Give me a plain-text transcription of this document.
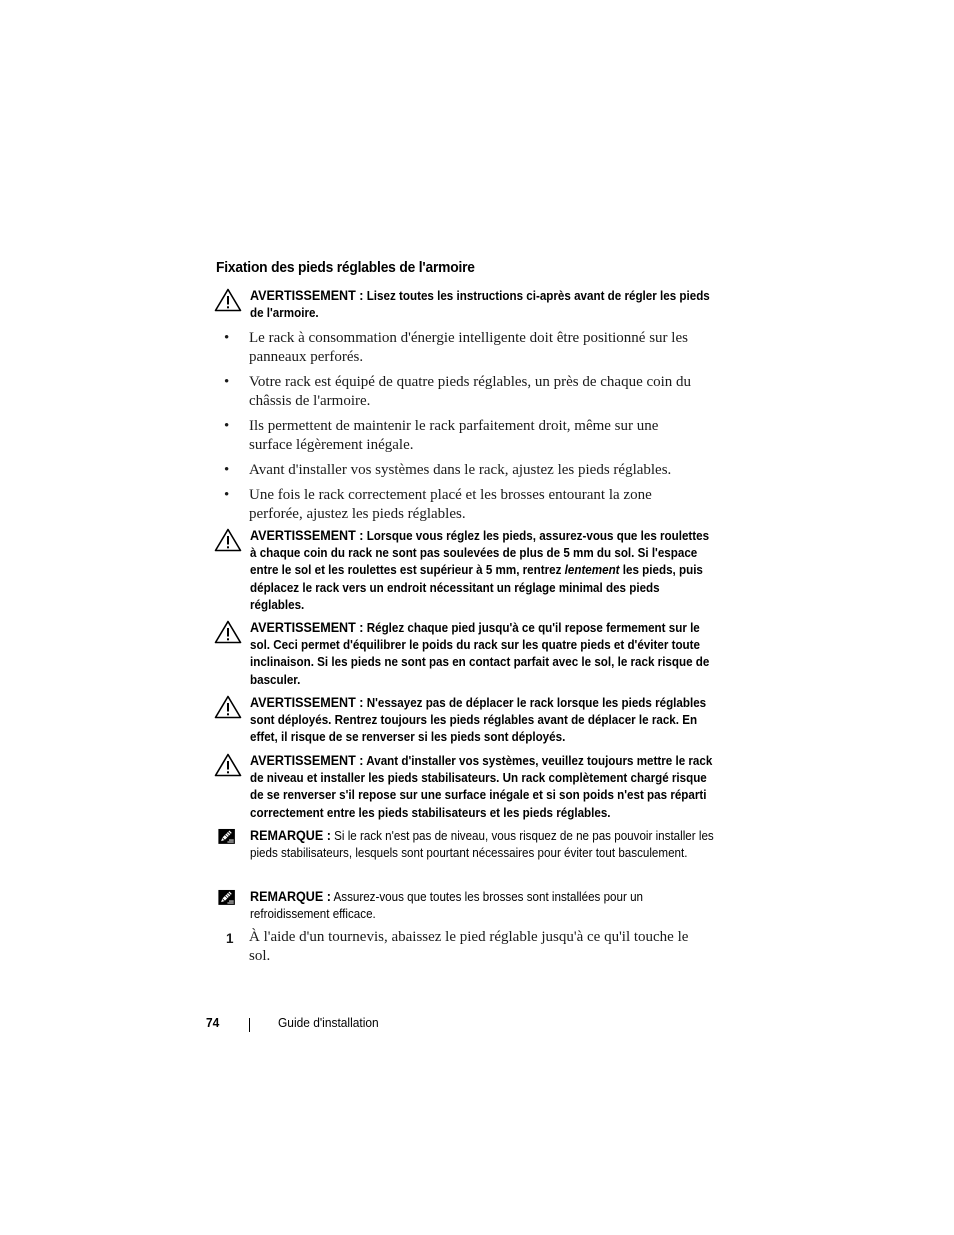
Fixation des pieds réglables de l'armoire
AVERTISSEMENT : Lisez toutes les instructions ci-après avant de régler les pieds de l'armoire.
• Le rack à consommation d'énergie intelligente doit être positionné sur les panneaux perforés.
• Votre rack est équipé de quatre pieds réglables, un près de chaque coin du châssis de l'armoire.
• Ils permettent de maintenir le rack parfaitement droit, même sur une surface légèrement inégale.
• Avant d'installer vos systèmes dans le rack, ajustez les pieds réglables.
• Une fois le rack correctement placé et les brosses entourant la zone perforée, ajustez les pieds réglables.
AVERTISSEMENT : Lorsque vous réglez les pieds, assurez-vous que les roulettes à chaque coin du rack ne sont pas soulevées de plus de 5 mm du sol. Si l'espace entre le sol et les roulettes est supérieur à 5 mm, rentrez lentement les pieds, puis déplacez le rack vers un endroit nécessitant un réglage minimal des pieds réglables.
AVERTISSEMENT : Réglez chaque pied jusqu'à ce qu'il repose fermement sur le sol. Ceci permet d'équilibrer le poids du rack sur les quatre pieds et d'éviter toute inclinaison. Si les pieds ne sont pas en contact parfait avec le sol, le rack risque de basculer.
AVERTISSEMENT : N'essayez pas de déplacer le rack lorsque les pieds réglables sont déployés. Rentrez toujours les pieds réglables avant de déplacer le rack. En effet, il risque de se renverser si les pieds sont déployés.
AVERTISSEMENT : Avant d'installer vos systèmes, veuillez toujours mettre le rack de niveau et installer les pieds stabilisateurs. Un rack complètement chargé risque de se renverser s'il repose sur une surface inégale et si son poids n'est pas réparti correctement entre les pieds stabilisateurs et les pieds réglables.
REMARQUE : Si le rack n'est pas de niveau, vous risquez de ne pas pouvoir installer les pieds stabilisateurs, lesquels sont pourtant nécessaires pour éviter tout basculement.
REMARQUE : Assurez-vous que toutes les brosses sont installées pour un refroidissement efficace.
1 À l'aide d'un tournevis, abaissez le pied réglable jusqu'à ce qu'il touche le sol.
74	Guide d'installation
